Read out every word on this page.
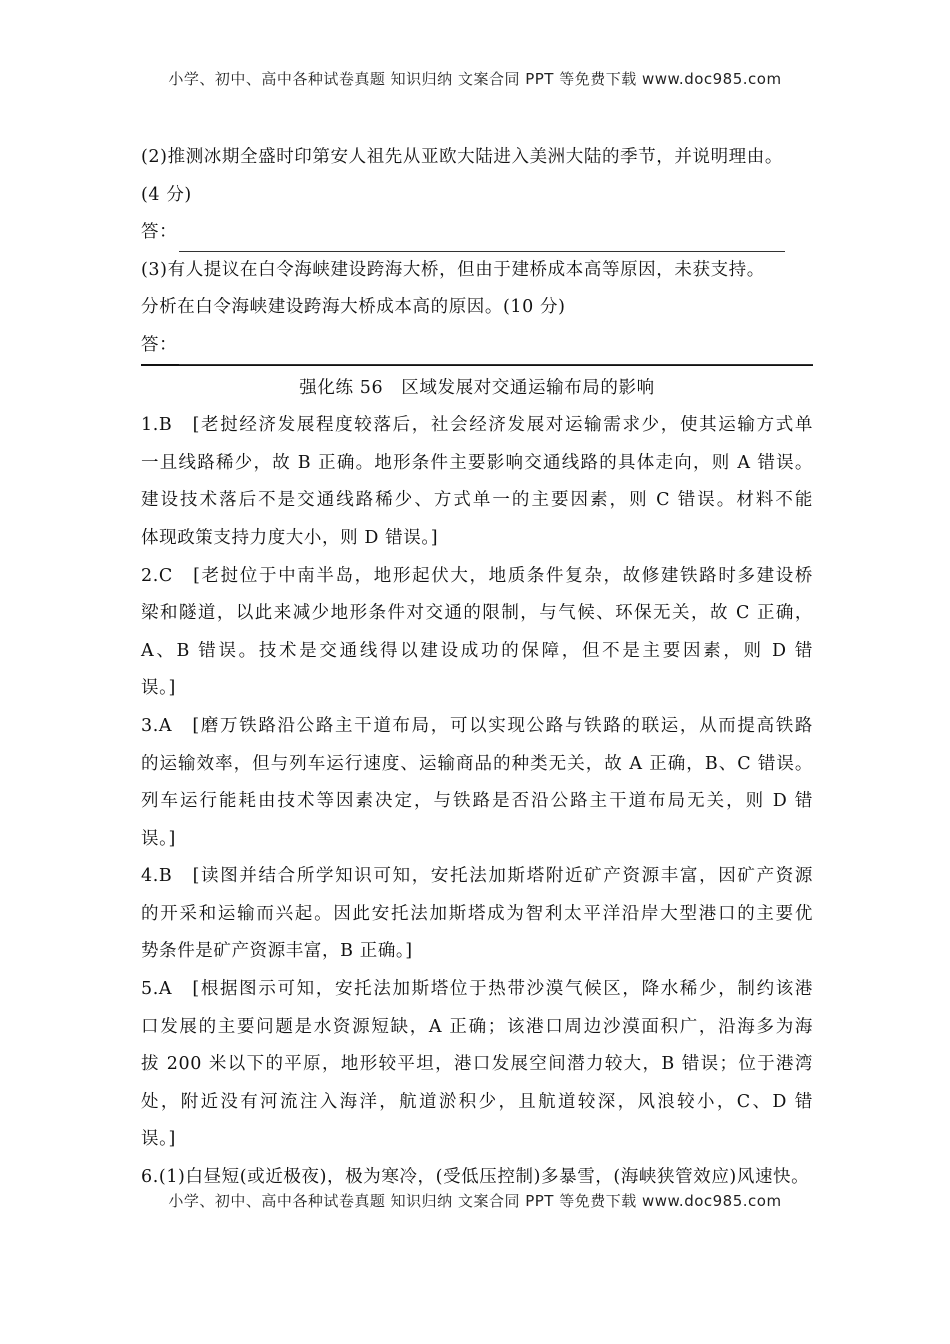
小学、初中、高中各种试卷真题 知识归纳 文案合同 PPT 等免费下载 www.doc985.com
(2)推测冰期全盛时印第安人祖先从亚欧大陆进入美洲大陆的季节，并说明理由。
(4 分)
答：
(3)有人提议在白令海峡建设跨海大桥，但由于建桥成本高等原因，未获支持。
分析在白令海峡建设跨海大桥成本高的原因。(10 分)
答：
强化练 56　区域发展对交通运输布局的影响
1.B　[老挝经济发展程度较落后，社会经济发展对运输需求少，使其运输方式单
一且线路稀少，故 B 正确。地形条件主要影响交通线路的具体走向，则 A 错误。
建设技术落后不是交通线路稀少、方式单一的主要因素，则 C 错误。材料不能
体现政策支持力度大小，则 D 错误。]
2.C　[老挝位于中南半岛，地形起伏大，地质条件复杂，故修建铁路时多建设桥
梁和隧道，以此来减少地形条件对交通的限制，与气候、环保无关，故 C 正确，
A、B 错误。技术是交通线得以建设成功的保障，但不是主要因素，则 D 错
误。]
3.A　[磨万铁路沿公路主干道布局，可以实现公路与铁路的联运，从而提高铁路
的运输效率，但与列车运行速度、运输商品的种类无关，故 A 正确，B、C 错误。
列车运行能耗由技术等因素决定，与铁路是否沿公路主干道布局无关，则 D 错
误。]
4.B　[读图并结合所学知识可知，安托法加斯塔附近矿产资源丰富，因矿产资源
的开采和运输而兴起。因此安托法加斯塔成为智利太平洋沿岸大型港口的主要优
势条件是矿产资源丰富，B 正确。]
5.A　[根据图示可知，安托法加斯塔位于热带沙漠气候区，降水稀少，制约该港
口发展的主要问题是水资源短缺，A 正确；该港口周边沙漠面积广，沿海多为海
拔 200 米以下的平原，地形较平坦，港口发展空间潜力较大，B 错误；位于港湾
处，附近没有河流注入海洋，航道淤积少，且航道较深，风浪较小，C、D 错
误。]
6.(1)白昼短(或近极夜)，极为寒冷，(受低压控制)多暴雪，(海峡狭管效应)风速快。
小学、初中、高中各种试卷真题 知识归纳 文案合同 PPT 等免费下载 www.doc985.com
